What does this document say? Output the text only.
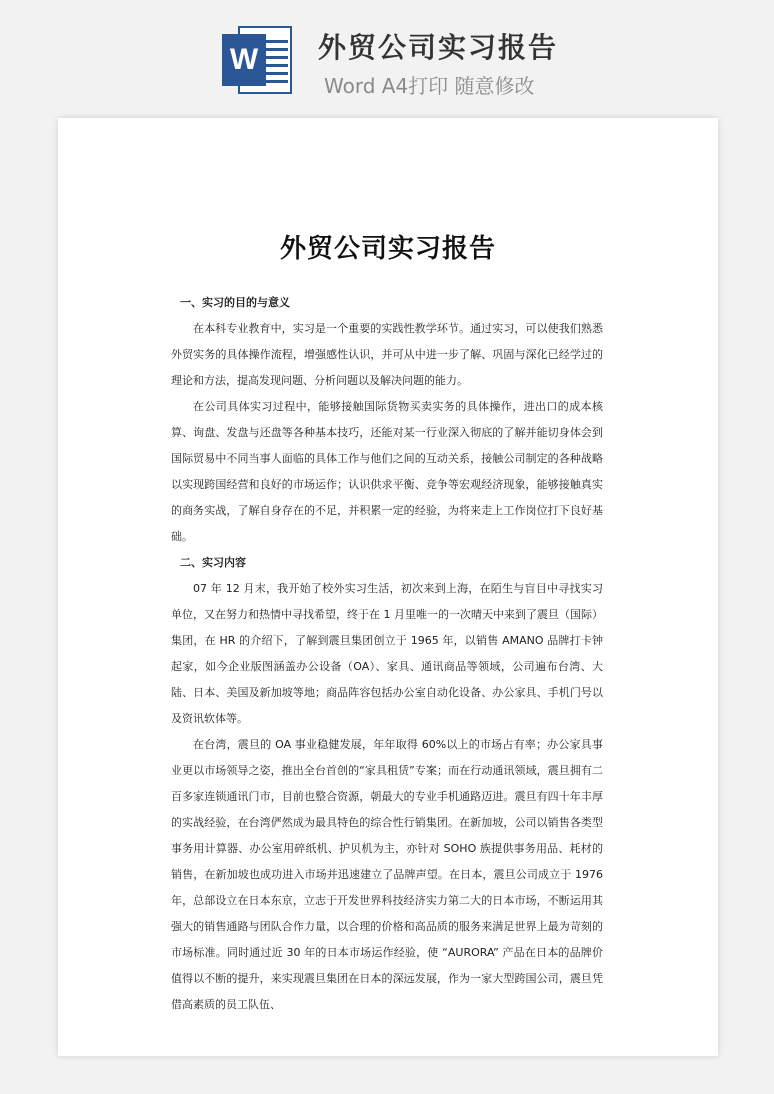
W 外贸公司实习报告
Word A4打印 随意修改
外贸公司实习报告
一、实习的目的与意义
在本科专业教育中，实习是一个重要的实践性教学环节。通过实习，可以使我们熟悉外贸实务的具体操作流程，增强感性认识，并可从中进一步了解、巩固与深化已经学过的理论和方法，提高发现问题、分析问题以及解决问题的能力。
在公司具体实习过程中，能够接触国际货物买卖实务的具体操作，进出口的成本核算、询盘、发盘与还盘等各种基本技巧，还能对某一行业深入彻底的了解并能切身体会到国际贸易中不同当事人面临的具体工作与他们之间的互动关系，接触公司制定的各种战略以实现跨国经营和良好的市场运作；认识供求平衡、竞争等宏观经济现象，能够接触真实的商务实战，了解自身存在的不足，并积累一定的经验，为将来走上工作岗位打下良好基础。
二、实习内容
07 年 12 月末，我开始了校外实习生活，初次来到上海，在陌生与盲目中寻找实习单位，又在努力和热情中寻找希望，终于在 1 月里唯一的一次晴天中来到了震旦（国际）集团，在 HR 的介绍下，了解到震旦集团创立于 1965 年，以销售 AMANO 品牌打卡钟起家，如今企业版图涵盖办公设备（OA）、家具、通讯商品等领域，公司遍布台湾、大陆、日本、美国及新加坡等地；商品阵容包括办公室自动化设备、办公家具、手机门号以及资讯软体等。
在台湾，震旦的 OA 事业稳健发展，年年取得 60%以上的市场占有率；办公家具事业更以市场领导之姿，推出全台首创的“家具租赁”专案；而在行动通讯领域，震旦拥有二百多家连锁通讯门市，目前也整合资源，朝最大的专业手机通路迈进。震旦有四十年丰厚的实战经验，在台湾俨然成为最具特色的综合性行销集团。在新加坡，公司以销售各类型事务用计算器、办公室用碎纸机、护贝机为主，亦针对 SOHO 族提供事务用品、耗材的销售，在新加坡也成功进入市场并迅速建立了品牌声望。在日本，震旦公司成立于 1976 年，总部设立在日本东京，立志于开发世界科技经济实力第二大的日本市场，不断运用其强大的销售通路与团队合作力量，以合理的价格和高品质的服务来满足世界上最为苛刻的市场标准。同时通过近 30 年的日本市场运作经验，使 “AURORA” 产品在日本的品牌价值得以不断的提升，来实现震旦集团在日本的深远发展，作为一家大型跨国公司，震旦凭借高素质的员工队伍、
